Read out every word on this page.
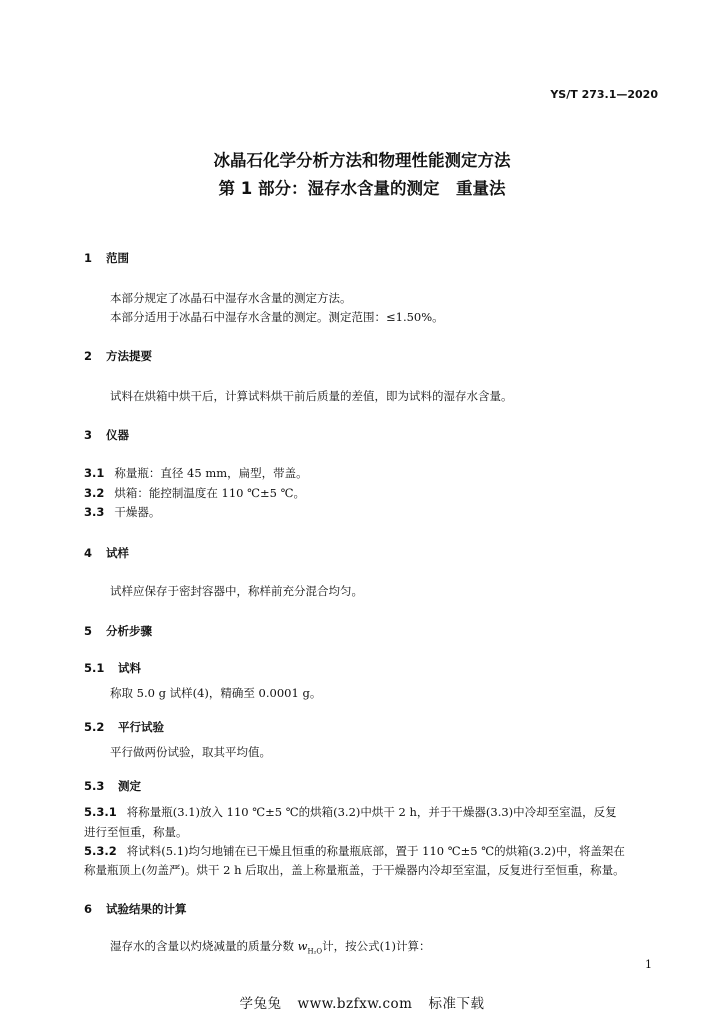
YS/T 273.1—2020
冰晶石化学分析方法和物理性能测定方法
第 1 部分：湿存水含量的测定　重量法
1 范围
本部分规定了冰晶石中湿存水含量的测定方法。
本部分适用于冰晶石中湿存水含量的测定。测定范围：≤1.50%。
2 方法提要
试料在烘箱中烘干后，计算试料烘干前后质量的差值，即为试料的湿存水含量。
3 仪器
3.1 称量瓶：直径 45 mm，扁型，带盖。
3.2 烘箱：能控制温度在 110 ℃±5 ℃。
3.3 干燥器。
4 试样
试样应保存于密封容器中，称样前充分混合均匀。
5 分析步骤
5.1 试料
称取 5.0 g 试样(4)，精确至 0.0001 g。
5.2 平行试验
平行做两份试验，取其平均值。
5.3 测定
5.3.1 将称量瓶(3.1)放入 110 ℃±5 ℃的烘箱(3.2)中烘干 2 h，并于干燥器(3.3)中冷却至室温，反复
进行至恒重，称量。
5.3.2 将试料(5.1)均匀地铺在已干燥且恒重的称量瓶底部，置于 110 ℃±5 ℃的烘箱(3.2)中，将盖架在
称量瓶顶上(勿盖严)。烘干 2 h 后取出，盖上称量瓶盖，于干燥器内冷却至室温，反复进行至恒重，称量。
6 试验结果的计算
湿存水的含量以灼烧减量的质量分数 $w_{H_2O}$计，按公式(1)计算：
1
学兔兔 www.bzfxw.com 标准下载
